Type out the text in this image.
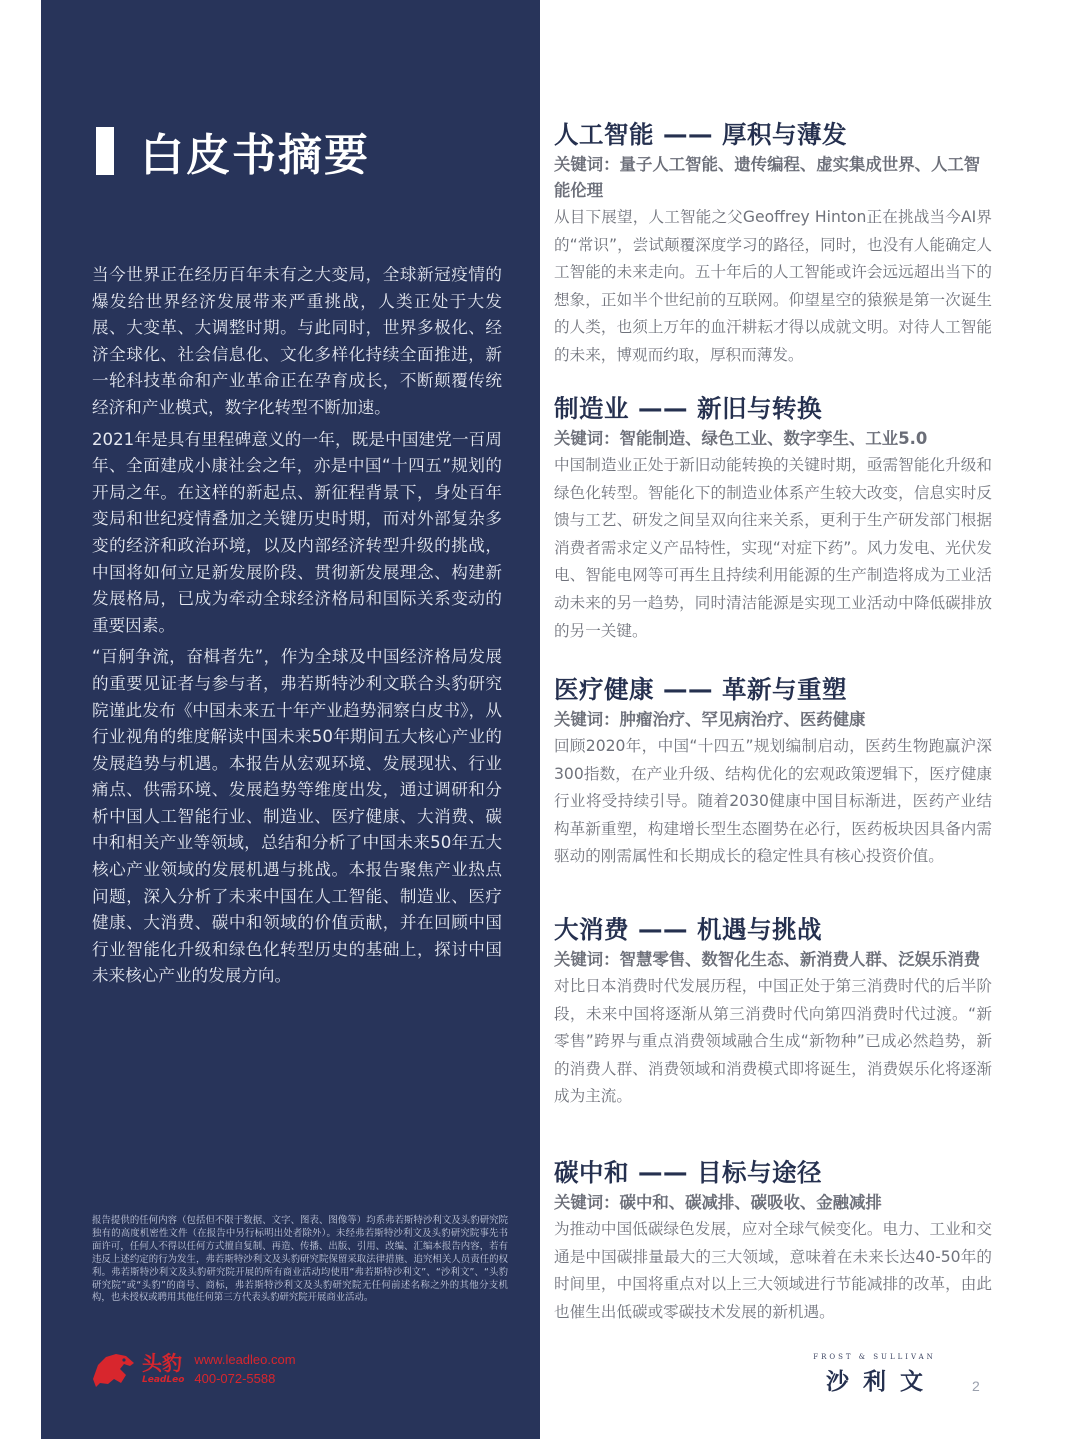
白皮书摘要

当今世界正在经历百年未有之大变局，全球新冠疫情的爆发给世界经济发展带来严重挑战，人类正处于大发展、大变革、大调整时期。与此同时，世界多极化、经济全球化、社会信息化、文化多样化持续全面推进，新一轮科技革命和产业革命正在孕育成长，不断颠覆传统经济和产业模式，数字化转型不断加速。

2021年是具有里程碑意义的一年，既是中国建党一百周年、全面建成小康社会之年，亦是中国“十四五”规划的开局之年。在这样的新起点、新征程背景下，身处百年变局和世纪疫情叠加之关键历史时期，而对外部复杂多变的经济和政治环境，以及内部经济转型升级的挑战，中国将如何立足新发展阶段、贯彻新发展理念、构建新发展格局，已成为牵动全球经济格局和国际关系变动的重要因素。

“百舸争流，奋楫者先”，作为全球及中国经济格局发展的重要见证者与参与者，弗若斯特沙利文联合头豹研究院谨此发布《中国未来五十年产业趋势洞察白皮书》，从行业视角的维度解读中国未来50年期间五大核心产业的发展趋势与机遇。本报告从宏观环境、发展现状、行业痛点、供需环境、发展趋势等维度出发，通过调研和分析中国人工智能行业、制造业、医疗健康、大消费、碳中和相关产业等领域，总结和分析了中国未来50年五大核心产业领域的发展机遇与挑战。本报告聚焦产业热点问题，深入分析了未来中国在人工智能、制造业、医疗健康、大消费、碳中和领域的价值贡献，并在回顾中国行业智能化升级和绿色化转型历史的基础上，探讨中国未来核心产业的发展方向。

报告提供的任何内容（包括但不限于数据、文字、图表、图像等）均系弗若斯特沙利文及头豹研究院独有的高度机密性文件（在报告中另行标明出处者除外）。未经弗若斯特沙利文及头豹研究院事先书面许可，任何人不得以任何方式擅自复制、再造、传播、出版、引用、改编、汇编本报告内容，若有违反上述约定的行为发生，弗若斯特沙利文及头豹研究院保留采取法律措施、追究相关人员责任的权利。弗若斯特沙利文及头豹研究院开展的所有商业活动均使用“弗若斯特沙利文”、“沙利文”、“头豹研究院”或“头豹”的商号、商标，弗若斯特沙利文及头豹研究院无任何前述名称之外的其他分支机构，也未授权或聘用其他任何第三方代表头豹研究院开展商业活动。
头豹
LeadLeo
www.leadleo.com
400-072-5588
人工智能 —— 厚积与薄发
关键词：量子人工智能、遗传编程、虚实集成世界、人工智能伦理
从目下展望，人工智能之父Geoffrey Hinton正在挑战当今AI界的“常识”，尝试颠覆深度学习的路径，同时，也没有人能确定人工智能的未来走向。五十年后的人工智能或许会远远超出当下的想象，正如半个世纪前的互联网。仰望星空的猿猴是第一次诞生的人类，也须上万年的血汗耕耘才得以成就文明。对待人工智能的未来，博观而约取，厚积而薄发。
制造业 —— 新旧与转换
关键词：智能制造、绿色工业、数字孪生、工业5.0
中国制造业正处于新旧动能转换的关键时期，亟需智能化升级和绿色化转型。智能化下的制造业体系产生较大改变，信息实时反馈与工艺、研发之间呈双向往来关系，更利于生产研发部门根据消费者需求定义产品特性，实现“对症下药”。风力发电、光伏发电、智能电网等可再生且持续利用能源的生产制造将成为工业活动未来的另一趋势，同时清洁能源是实现工业活动中降低碳排放的另一关键。
医疗健康 —— 革新与重塑
关键词：肿瘤治疗、罕见病治疗、医药健康
回顾2020年，中国“十四五”规划编制启动，医药生物跑赢沪深300指数，在产业升级、结构优化的宏观政策逻辑下，医疗健康行业将受持续引导。随着2030健康中国目标渐进，医药产业结构革新重塑，构建增长型生态圈势在必行，医药板块因具备内需驱动的刚需属性和长期成长的稳定性具有核心投资价值。
大消费 —— 机遇与挑战
关键词：智慧零售、数智化生态、新消费人群、泛娱乐消费
对比日本消费时代发展历程，中国正处于第三消费时代的后半阶段，未来中国将逐渐从第三消费时代向第四消费时代过渡。“新零售”跨界与重点消费领域融合生成“新物种”已成必然趋势，新的消费人群、消费领域和消费模式即将诞生，消费娱乐化将逐渐成为主流。
碳中和 —— 目标与途径
关键词：碳中和、碳减排、碳吸收、金融减排
为推动中国低碳绿色发展，应对全球气候变化。电力、工业和交通是中国碳排量最大的三大领域，意味着在未来长达40-50年的时间里，中国将重点对以上三大领域进行节能减排的改革，由此也催生出低碳或零碳技术发展的新机遇。
FROST & SULLIVAN
沙利文	2
